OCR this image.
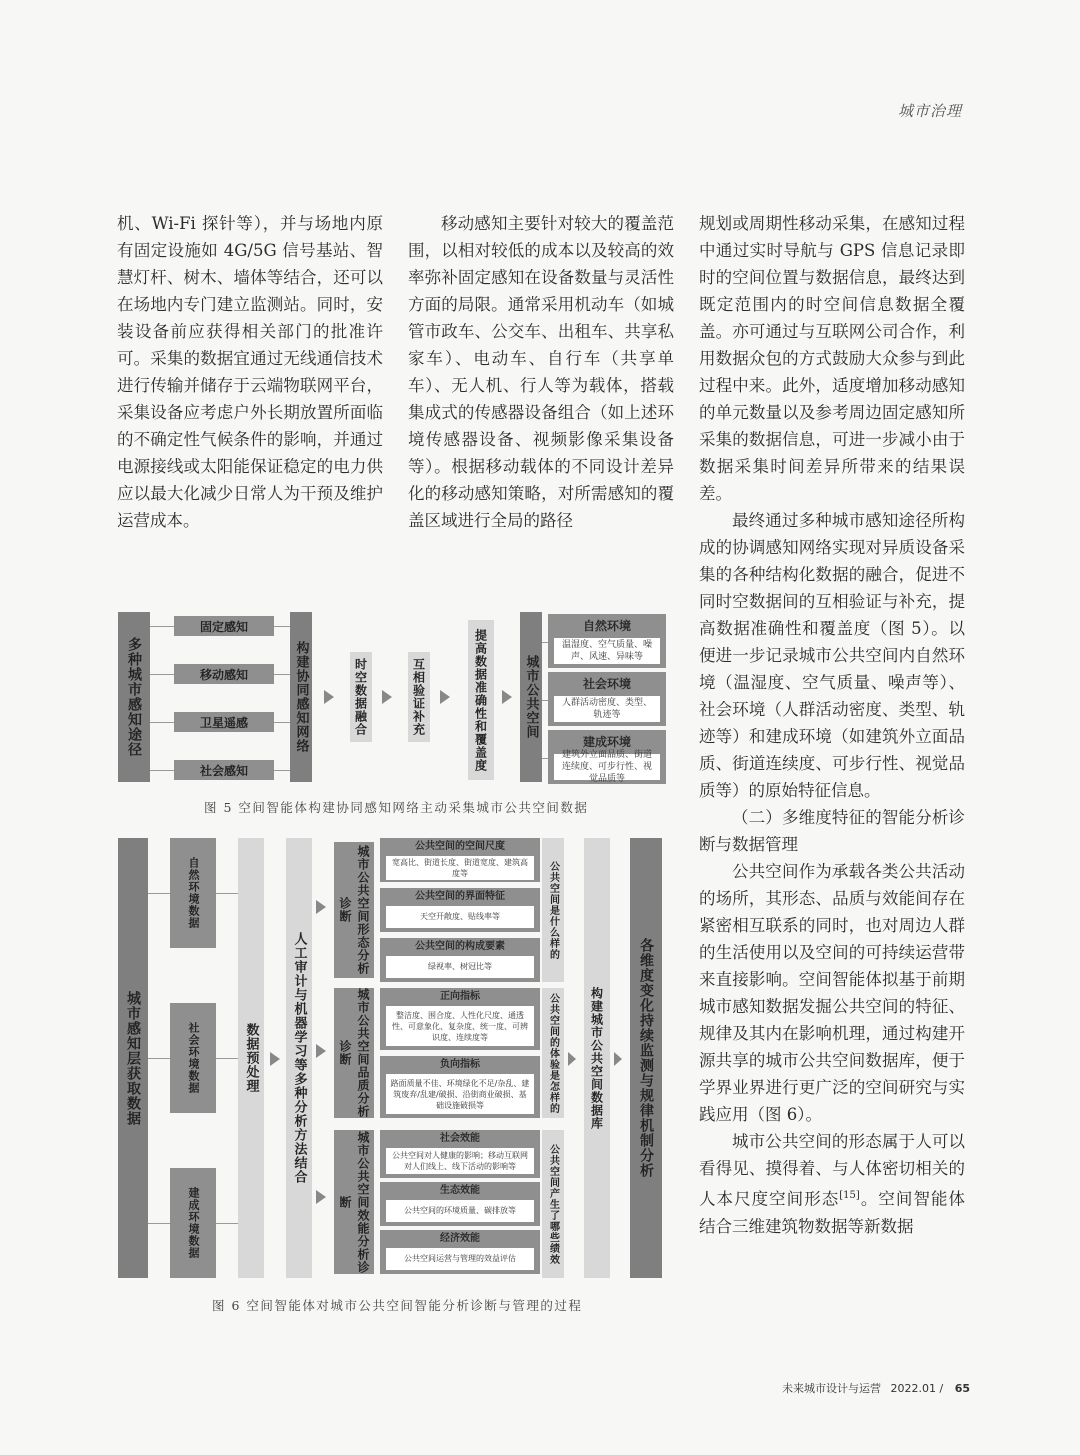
城市治理

机、Wi-Fi 探针等），并与场地内原有固定设施如 4G/5G 信号基站、智慧灯杆、树木、墙体等结合，还可以在场地内专门建立监测站。同时，安装设备前应获得相关部门的批准许可。采集的数据宜通过无线通信技术进行传输并储存于云端物联网平台，采集设备应考虑户外长期放置所面临的不确定性气候条件的影响，并通过电源接线或太阳能保证稳定的电力供应以最大化减少日常人为干预及维护运营成本。

移动感知主要针对较大的覆盖范围，以相对较低的成本以及较高的效率弥补固定感知在设备数量与灵活性方面的局限。通常采用机动车（如城管市政车、公交车、出租车、共享私家车）、电动车、自行车（共享单车）、无人机、行人等为载体，搭载集成式的传感器设备组合（如上述环境传感器设备、视频影像采集设备等）。根据移动载体的不同设计差异化的移动感知策略，对所需感知的覆盖区域进行全局的路径

规划或周期性移动采集，在感知过程中通过实时导航与 GPS 信息记录即时的空间位置与数据信息，最终达到既定范围内的时空间信息数据全覆盖。亦可通过与互联网公司合作，利用数据众包的方式鼓励大众参与到此过程中来。此外，适度增加移动感知的单元数量以及参考周边固定感知所采集的数据信息，可进一步减小由于数据采集时间差异所带来的结果误差。

最终通过多种城市感知途径所构成的协调感知网络实现对异质设备采集的各种结构化数据的融合，促进不同时空数据间的互相验证与补充，提高数据准确性和覆盖度（图 5）。以便进一步记录城市公共空间内自然环境（温湿度、空气质量、噪声等）、社会环境（人群活动密度、类型、轨迹等）和建成环境（如建筑外立面品质、街道连续度、可步行性、视觉品质等）的原始特征信息。

（二）多维度特征的智能分析诊断与数据管理

公共空间作为承载各类公共活动的场所，其形态、品质与效能间存在紧密相互联系的同时，也对周边人群的生活使用以及空间的可持续运营带来直接影响。空间智能体拟基于前期城市感知数据发掘公共空间的特征、规律及其内在影响机理，通过构建开源共享的城市公共空间数据库，便于学界业界进行更广泛的空间研究与实践应用（图 6）。

城市公共空间的形态属于人可以看得见、摸得着、与人体密切相关的人本尺度空间形态[15]。空间智能体结合三维建筑物数据等新数据

多种城市感知途径
固定感知
移动感知
卫星遥感
社会感知
构建协同感知网络	时空数据融合	互相验证补充	提高数据准确性和覆盖度	城市公共空间
自然环境
温湿度、空气质量、噪声、风速、异味等
社会环境
人群活动密度、类型、轨迹等
建成环境
建筑外立面品质、街道连续度、可步行性、视觉品质等
图 5 空间智能体构建协同感知网络主动采集城市公共空间数据
城市感知层获取数据
自然环境数据
社会环境数据
建成环境数据
数据预处理	人工审计与机器学习等多种分析方法结合
城市公共空间形态分析诊断
公共空间的空间尺度
宽高比、街道长度、街道宽度、建筑高度等
公共空间的界面特征
天空开敞度、贴线率等
公共空间的构成要素
绿视率、树冠比等
公共空间是什么样的
城市公共空间品质分析诊断
正向指标
整洁度、围合度、人性化尺度、通透性、可意象化、复杂度、统一度、可辨识度、连续度等
负向指标
路面质量不佳、环境绿化不足/杂乱、建筑废弃/乱建/破损、沿街商业破损、基础设施破损等	公共空间的体验是怎样的
城市公共空间效能分析诊断
社会效能
公共空间对人健康的影响；移动互联网对人们线上、线下活动的影响等
生态效能
公共空间的环境质量、碳排放等
经济效能
公共空间运营与管理的效益评估	公共空间产生了哪些绩效
构建城市公共空间数据库	各维度变化持续监测与规律机制分析
图 6 空间智能体对城市公共空间智能分析诊断与管理的过程
未来城市设计与运营 2022.01 / 65
